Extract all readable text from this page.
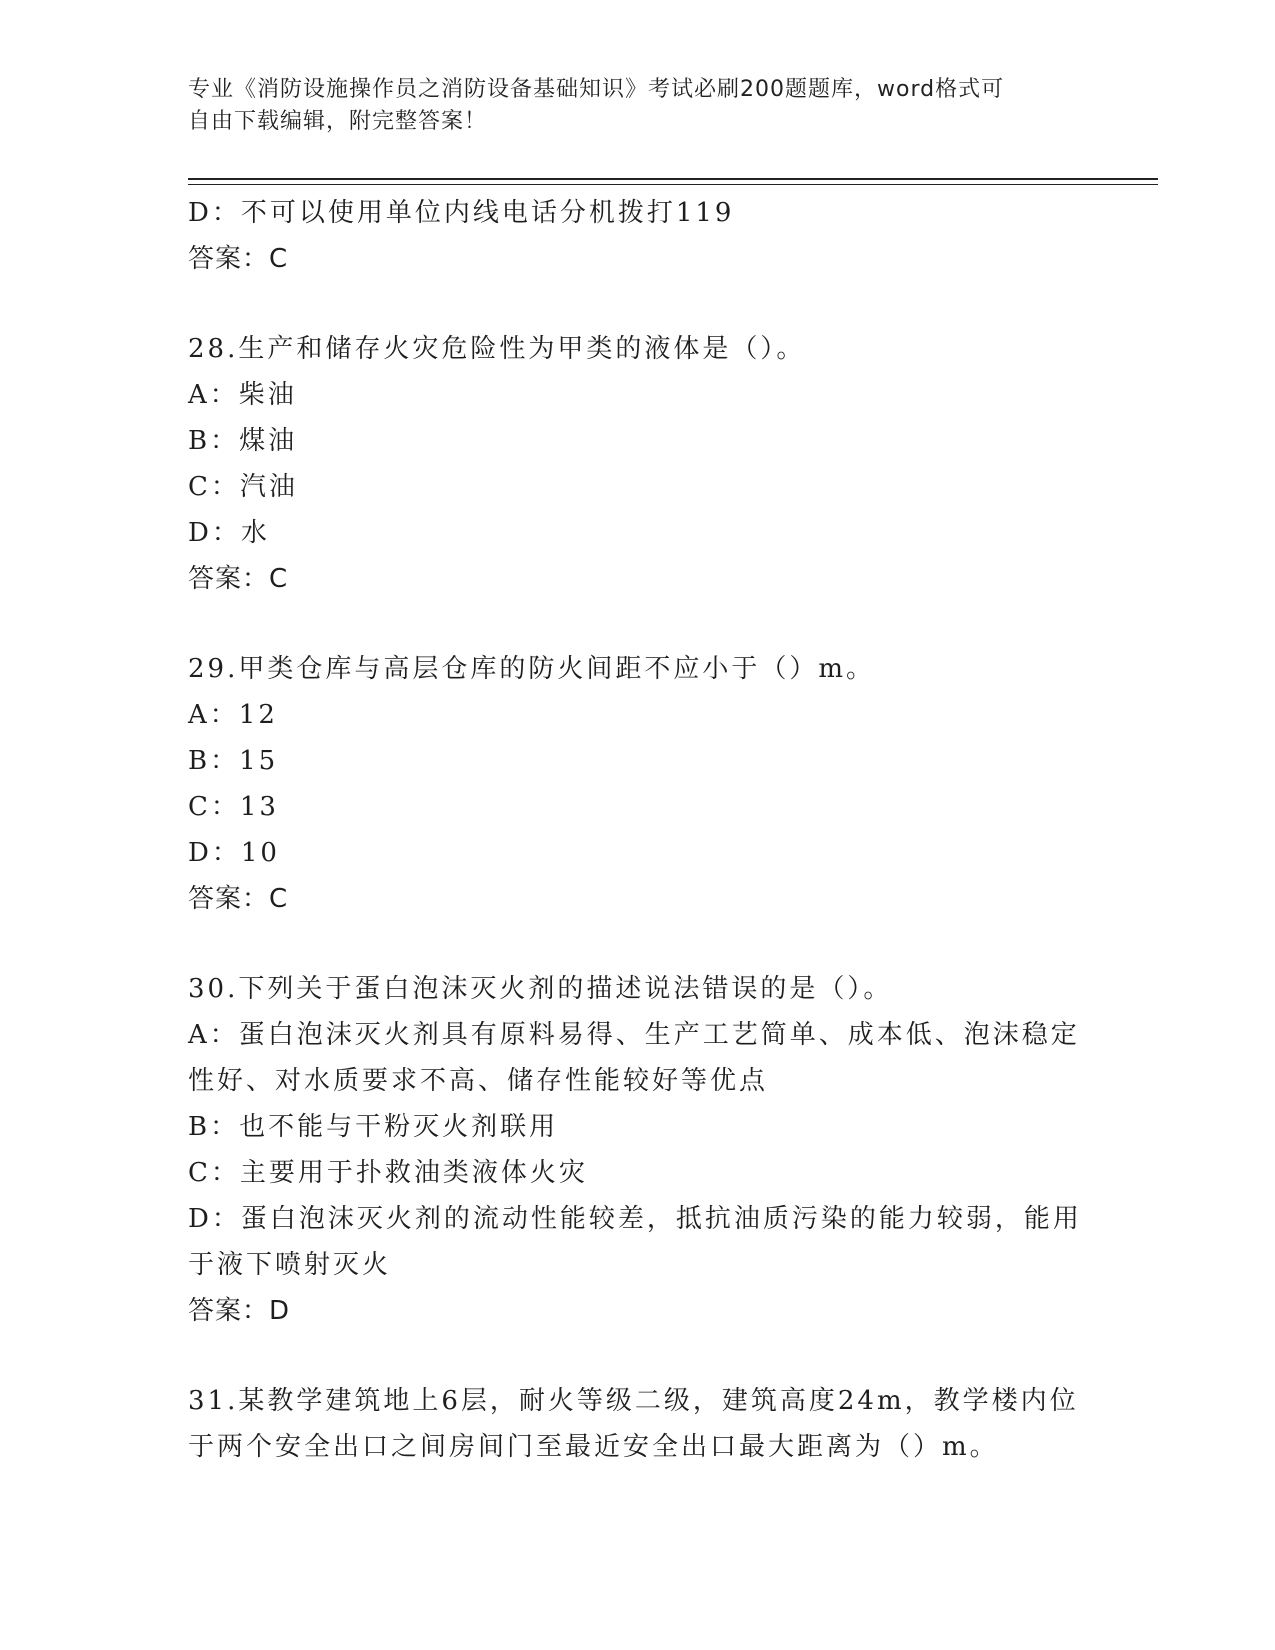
专业《消防设施操作员之消防设备基础知识》考试必刷200题题库，word格式可
自由下载编辑，附完整答案！
D：不可以使用单位内线电话分机拨打119
答案：C
28.生产和储存火灾危险性为甲类的液体是（）。
A：柴油
B：煤油
C：汽油
D：水
答案：C
29.甲类仓库与高层仓库的防火间距不应小于（）m。
A：12
B：15
C：13
D：10
答案：C
30.下列关于蛋白泡沫灭火剂的描述说法错误的是（）。
A：蛋白泡沫灭火剂具有原料易得、生产工艺简单、成本低、泡沫稳定
性好、对水质要求不高、储存性能较好等优点
B：也不能与干粉灭火剂联用
C：主要用于扑救油类液体火灾
D：蛋白泡沫灭火剂的流动性能较差，抵抗油质污染的能力较弱，能用
于液下喷射灭火
答案：D
31.某教学建筑地上6层，耐火等级二级，建筑高度24m，教学楼内位
于两个安全出口之间房间门至最近安全出口最大距离为（）m。
